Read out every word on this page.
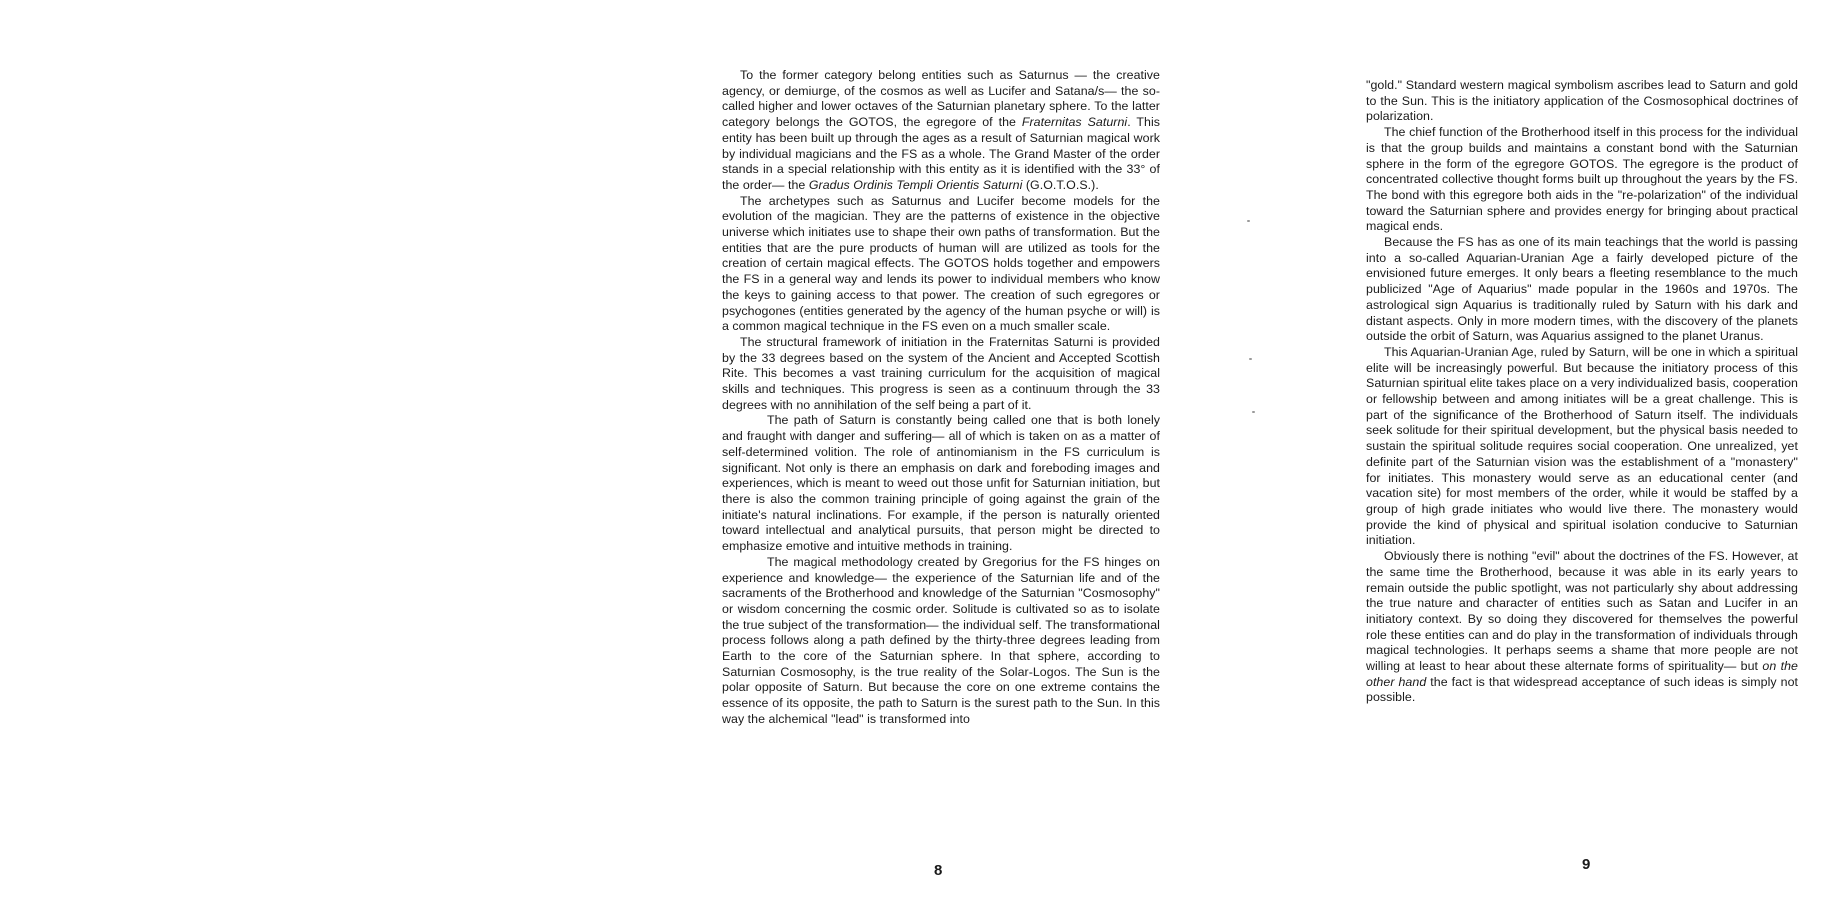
To the former category belong entities such as Saturnus — the creative agency, or demiurge, of the cosmos as well as Lucifer and Satana/s— the so-called higher and lower octaves of the Saturnian planetary sphere. To the latter category belongs the GOTOS, the egregore of the Fraternitas Saturni. This entity has been built up through the ages as a result of Saturnian magical work by individual magicians and the FS as a whole. The Grand Master of the order stands in a special relationship with this entity as it is identified with the 33° of the order— the Gradus Ordinis Templi Orientis Saturni (G.O.T.O.S.).

The archetypes such as Saturnus and Lucifer become models for the evolution of the magician. They are the patterns of existence in the objective universe which initiates use to shape their own paths of transformation. But the entities that are the pure products of human will are utilized as tools for the creation of certain magical effects. The GOTOS holds together and empowers the FS in a general way and lends its power to individual members who know the keys to gaining access to that power. The creation of such egregores or psychogones (entities generated by the agency of the human psyche or will) is a common magical technique in the FS even on a much smaller scale.

The structural framework of initiation in the Fraternitas Saturni is provided by the 33 degrees based on the system of the Ancient and Accepted Scottish Rite. This becomes a vast training curriculum for the acquisition of magical skills and techniques. This progress is seen as a continuum through the 33 degrees with no annihilation of the self being a part of it.

The path of Saturn is constantly being called one that is both lonely and fraught with danger and suffering— all of which is taken on as a matter of self-determined volition. The role of antinomianism in the FS curriculum is significant. Not only is there an emphasis on dark and foreboding images and experiences, which is meant to weed out those unfit for Saturnian initiation, but there is also the common training principle of going against the grain of the initiate's natural inclinations. For example, if the person is naturally oriented toward intellectual and analytical pursuits, that person might be directed to emphasize emotive and intuitive methods in training.

The magical methodology created by Gregorius for the FS hinges on experience and knowledge— the experience of the Saturnian life and of the sacraments of the Brotherhood and knowledge of the Saturnian "Cosmosophy" or wisdom concerning the cosmic order. Solitude is cultivated so as to isolate the true subject of the transformation— the individual self. The transformational process follows along a path defined by the thirty-three degrees leading from Earth to the core of the Saturnian sphere. In that sphere, according to Saturnian Cosmosophy, is the true reality of the Solar-Logos. The Sun is the polar opposite of Saturn. But because the core on one extreme contains the essence of its opposite, the path to Saturn is the surest path to the Sun. In this way the alchemical "lead" is transformed into

8

"gold." Standard western magical symbolism ascribes lead to Saturn and gold to the Sun. This is the initiatory application of the Cosmosophical doctrines of polarization.

The chief function of the Brotherhood itself in this process for the individual is that the group builds and maintains a constant bond with the Saturnian sphere in the form of the egregore GOTOS. The egregore is the product of concentrated collective thought forms built up throughout the years by the FS. The bond with this egregore both aids in the "re-polarization" of the individual toward the Saturnian sphere and provides energy for bringing about practical magical ends.

Because the FS has as one of its main teachings that the world is passing into a so-called Aquarian-Uranian Age a fairly developed picture of the envisioned future emerges. It only bears a fleeting resemblance to the much publicized "Age of Aquarius" made popular in the 1960s and 1970s. The astrological sign Aquarius is traditionally ruled by Saturn with his dark and distant aspects. Only in more modern times, with the discovery of the planets outside the orbit of Saturn, was Aquarius assigned to the planet Uranus.

This Aquarian-Uranian Age, ruled by Saturn, will be one in which a spiritual elite will be increasingly powerful. But because the initiatory process of this Saturnian spiritual elite takes place on a very individualized basis, cooperation or fellowship between and among initiates will be a great challenge. This is part of the significance of the Brotherhood of Saturn itself. The individuals seek solitude for their spiritual development, but the physical basis needed to sustain the spiritual solitude requires social cooperation. One unrealized, yet definite part of the Saturnian vision was the establishment of a "monastery" for initiates. This monastery would serve as an educational center (and vacation site) for most members of the order, while it would be staffed by a group of high grade initiates who would live there. The monastery would provide the kind of physical and spiritual isolation conducive to Saturnian initiation.

Obviously there is nothing "evil" about the doctrines of the FS. However, at the same time the Brotherhood, because it was able in its early years to remain outside the public spotlight, was not particularly shy about addressing the true nature and character of entities such as Satan and Lucifer in an initiatory context. By so doing they discovered for themselves the powerful role these entities can and do play in the transformation of individuals through magical technologies. It perhaps seems a shame that more people are not willing at least to hear about these alternate forms of spirituality— but on the other hand the fact is that widespread acceptance of such ideas is simply not possible.

9
